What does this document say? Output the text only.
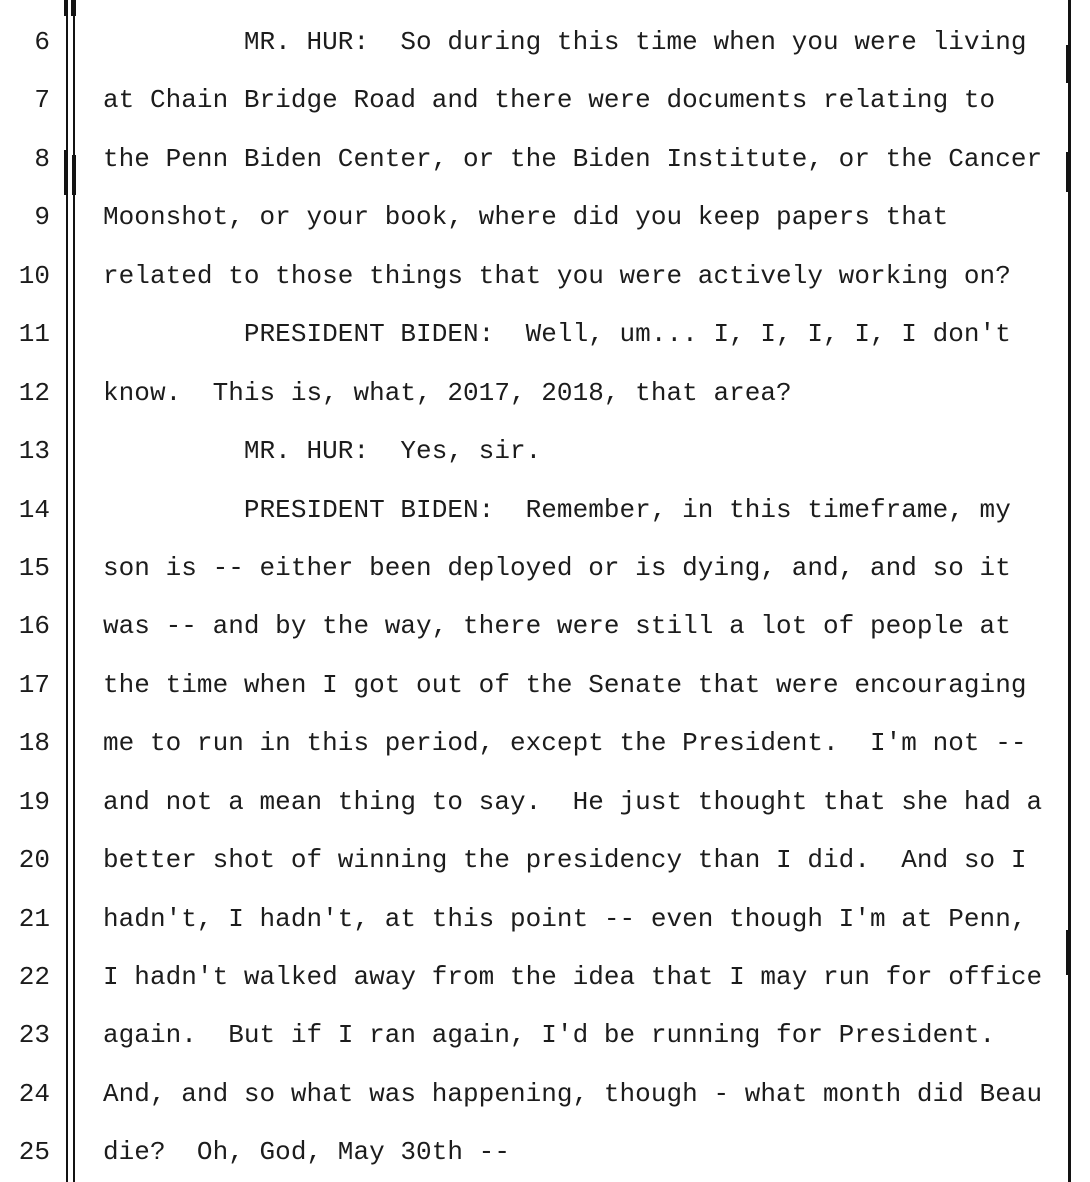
6 MR. HUR:  So during this time when you were living
7 at Chain Bridge Road and there were documents relating to
8 the Penn Biden Center, or the Biden Institute, or the Cancer
9 Moonshot, or your book, where did you keep papers that
10 related to those things that you were actively working on?
11 PRESIDENT BIDEN:  Well, um... I, I, I, I, I don't
12 know.  This is, what, 2017, 2018, that area?
13 MR. HUR:  Yes, sir.
14 PRESIDENT BIDEN:  Remember, in this timeframe, my
15 son is -- either been deployed or is dying, and, and so it
16 was -- and by the way, there were still a lot of people at
17 the time when I got out of the Senate that were encouraging
18 me to run in this period, except the President.  I'm not --
19 and not a mean thing to say.  He just thought that she had a
20 better shot of winning the presidency than I did.  And so I
21 hadn't, I hadn't, at this point -- even though I'm at Penn,
22 I hadn't walked away from the idea that I may run for office
23 again.  But if I ran again, I'd be running for President.
24 And, and so what was happening, though - what month did Beau
25 die?  Oh, God, May 30th --
